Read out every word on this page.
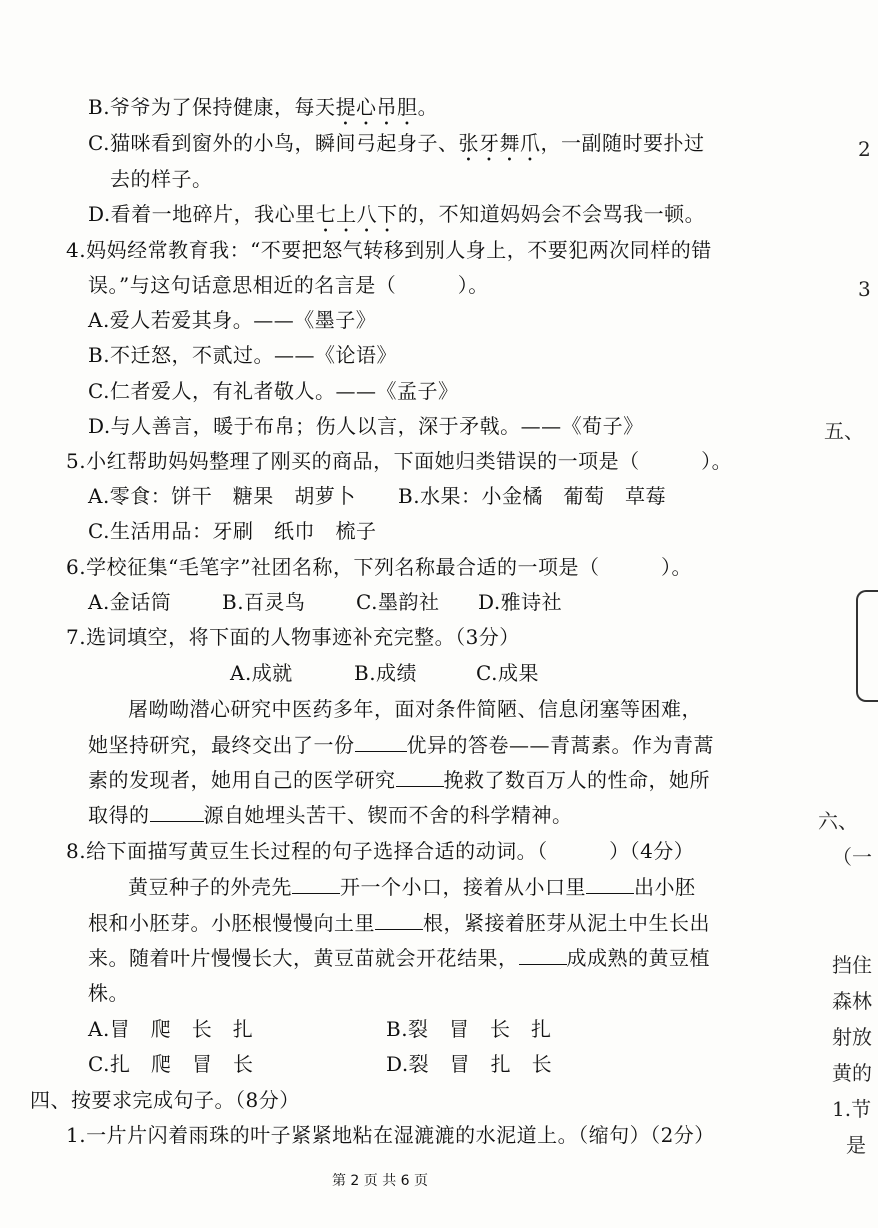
B.爷爷为了保持健康，每天提心吊胆。
C.猫咪看到窗外的小鸟，瞬间弓起身子、张牙舞爪，一副随时要扑过
去的样子。
D.看着一地碎片，我心里七上八下的，不知道妈妈会不会骂我一顿。
4.妈妈经常教育我：“不要把怒气转移到别人身上，不要犯两次同样的错
误。”与这句话意思相近的名言是（　　　）。
A.爱人若爱其身。——《墨子》
B.不迁怒，不贰过。——《论语》
C.仁者爱人，有礼者敬人。——《孟子》
D.与人善言，暖于布帛；伤人以言，深于矛戟。——《荀子》
5.小红帮助妈妈整理了刚买的商品，下面她归类错误的一项是（　　　）。
A.零食：饼干　糖果　胡萝卜 B.水果：小金橘　葡萄　草莓
C.生活用品：牙刷　纸巾　梳子
6.学校征集“毛笔字”社团名称，下列名称最合适的一项是（　　　）。
A.金话筒	B.百灵鸟	C.墨韵社 D.雅诗社
7.选词填空，将下面的人物事迹补充完整。（3分）
A.成就	B.成绩	C.成果
屠呦呦潜心研究中医药多年，面对条件简陋、信息闭塞等困难，
她坚持研究，最终交出了一份	优异的答卷——青蒿素。作为青蒿
素的发现者，她用自己的医学研究 挽救了数百万人的性命，她所
取得的	源自她埋头苦干、锲而不舍的科学精神。
8.给下面描写黄豆生长过程的句子选择合适的动词。（　　　）（4分）
黄豆种子的外壳先 开一个小口，接着从小口里 出小胚
根和小胚芽。小胚根慢慢向土里 根，紧接着胚芽从泥土中生长出
来。随着叶片慢慢长大，黄豆苗就会开花结果， 成成熟的黄豆植
株。
A.冒　爬　长　扎	B.裂　冒　长　扎
C.扎　爬　冒　长	D.裂　冒　扎　长
四、按要求完成句子。（8分）
1.一片片闪着雨珠的叶子紧紧地粘在湿漉漉的水泥道上。（缩句）（2分）
第 2 页 共 6 页
2
3
五、
六、
（一
挡住
森林
射放
黄的
1.节
是
